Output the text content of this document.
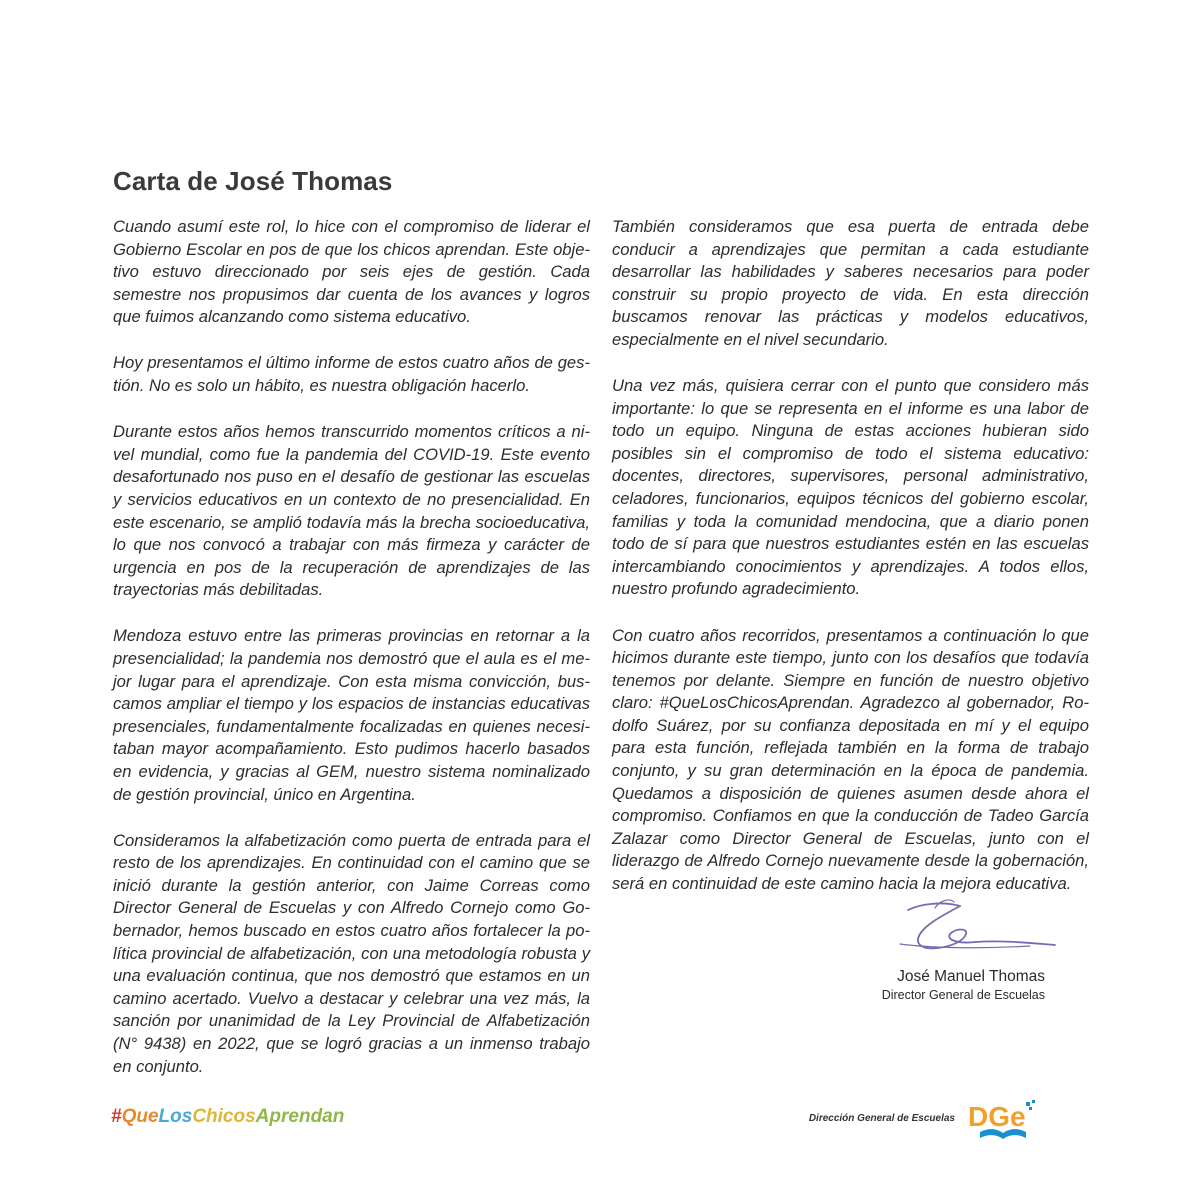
Carta de José Thomas

Cuando asumí este rol, lo hice con el compromiso de liderar el Gobierno Escolar en pos de que los chicos aprendan. Este objetivo estuvo direccionado por seis ejes de gestión. Cada semestre nos propusimos dar cuenta de los avances y logros que fuimos alcanzando como sistema educativo.

Hoy presentamos el último informe de estos cuatro años de gestión. No es solo un hábito, es nuestra obligación hacerlo.

Durante estos años hemos transcurrido momentos críticos a nivel mundial, como fue la pandemia del COVID-19. Este evento desafortunado nos puso en el desafío de gestionar las escuelas y servicios educativos en un contexto de no presencialidad. En este escenario, se amplió todavía más la brecha socioeducativa, lo que nos convocó a trabajar con más firmeza y carácter de urgencia en pos de la recuperación de aprendizajes de las trayectorias más debilitadas.

Mendoza estuvo entre las primeras provincias en retornar a la presencialidad; la pandemia nos demostró que el aula es el mejor lugar para el aprendizaje. Con esta misma convicción, buscamos ampliar el tiempo y los espacios de instancias educativas presenciales, fundamentalmente focalizadas en quienes necesitaban mayor acompañamiento. Esto pudimos hacerlo basados en evidencia, y gracias al GEM, nuestro sistema nominalizado de gestión provincial, único en Argentina.

Consideramos la alfabetización como puerta de entrada para el resto de los aprendizajes. En continuidad con el camino que se inició durante la gestión anterior, con Jaime Correas como Director General de Escuelas y con Alfredo Cornejo como Gobernador, hemos buscado en estos cuatro años fortalecer la política provincial de alfabetización, con una metodología robusta y una evaluación continua, que nos demostró que estamos en un camino acertado. Vuelvo a destacar y celebrar una vez más, la sanción por unanimidad de la Ley Provincial de Alfabetización (N° 9438) en 2022, que se logró gracias a un inmenso trabajo en conjunto.

También consideramos que esa puerta de entrada debe conducir a aprendizajes que permitan a cada estudiante desarrollar las habilidades y saberes necesarios para poder construir su propio proyecto de vida. En esta dirección buscamos renovar las prácticas y modelos educativos, especialmente en el nivel secundario.

Una vez más, quisiera cerrar con el punto que considero más importante: lo que se representa en el informe es una labor de todo un equipo. Ninguna de estas acciones hubieran sido posibles sin el compromiso de todo el sistema educativo: docentes, directores, supervisores, personal administrativo, celadores, funcionarios, equipos técnicos del gobierno escolar, familias y toda la comunidad mendocina, que a diario ponen todo de sí para que nuestros estudiantes estén en las escuelas intercambiando conocimientos y aprendizajes. A todos ellos, nuestro profundo agradecimiento.

Con cuatro años recorridos, presentamos a continuación lo que hicimos durante este tiempo, junto con los desafíos que todavía tenemos por delante. Siempre en función de nuestro objetivo claro: #QueLosChicosAprendan. Agradezco al gobernador, Rodolfo Suárez, por su confianza depositada en mí y el equipo para esta función, reflejada también en la forma de trabajo conjunto, y su gran determinación en la época de pandemia. Quedamos a disposición de quienes asumen desde ahora el compromiso. Confiamos en que la conducción de Tadeo García Zalazar como Director General de Escuelas, junto con el liderazgo de Alfredo Cornejo nuevamente desde la gobernación, será en continuidad de este camino hacia la mejora educativa.

José Manuel Thomas
Director General de Escuelas
#QueLosChicosAprendan	Dirección General de Escuelas DGe
